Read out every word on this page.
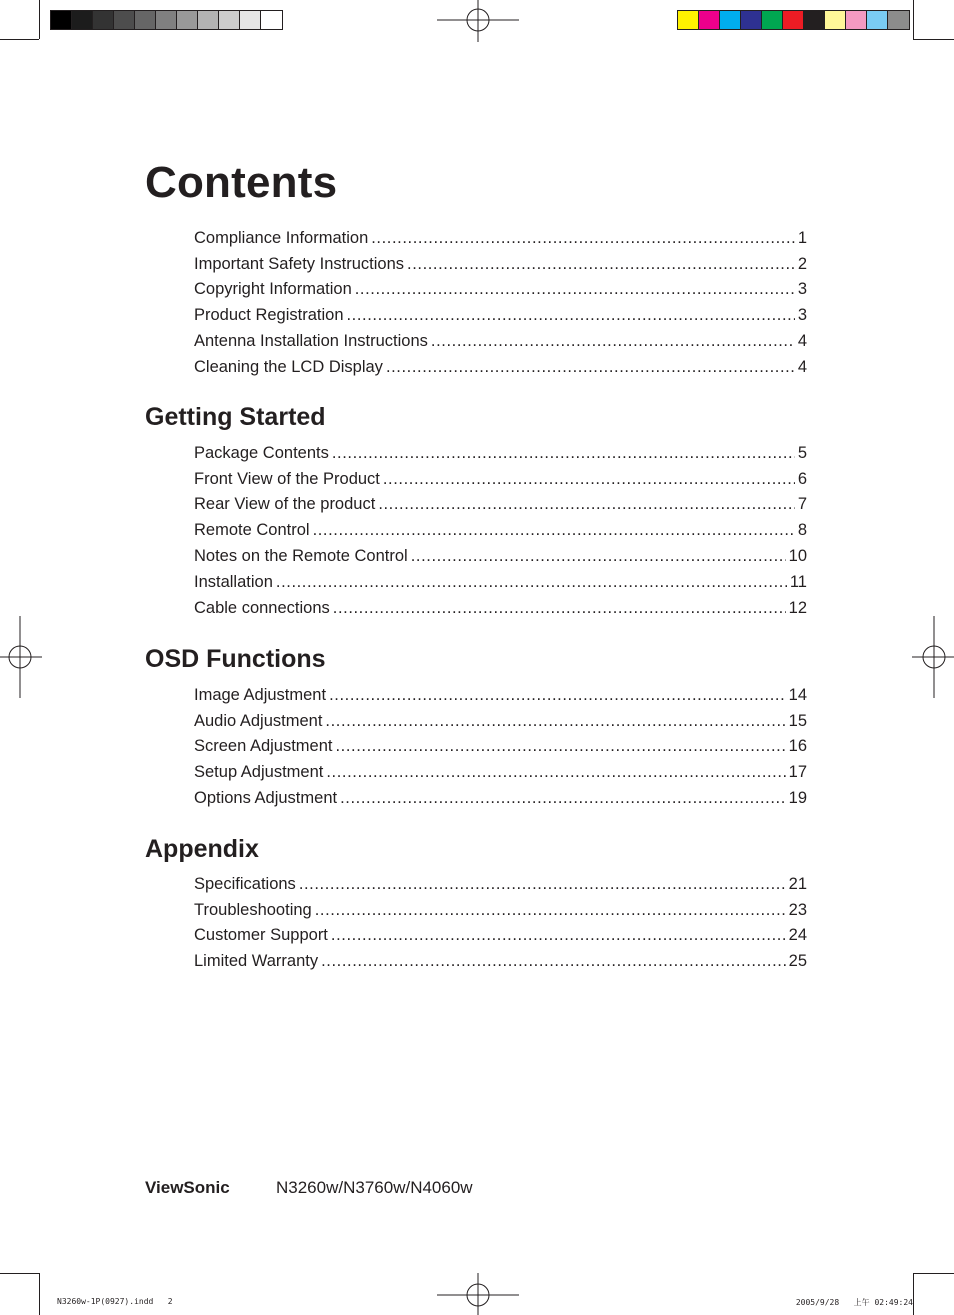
Contents
Compliance Information .....	1
Important Safety Instructions .....	2
Copyright Information .....	3
Product Registration .....	3
Antenna Installation Instructions .....	4
Cleaning the LCD Display .....	4
Getting Started
Package Contents .....	5
Front View of the Product .....	6
Rear View of the product .....	7
Remote Control .....	8
Notes on the Remote Control .....	10
Installation .....	11
Cable connections .....	12
OSD Functions
Image Adjustment .....	14
Audio Adjustment .....	15
Screen Adjustment .....	16
Setup Adjustment .....	17
Options Adjustment .....	19
Appendix
Specifications .....	21
Troubleshooting .....	23
Customer Support .....	24
Limited Warranty .....	25
ViewSonic	N3260w/N3760w/N4060w
N3260w-1P(0927).indd   2	2005/9/28   上午 02:49:24
